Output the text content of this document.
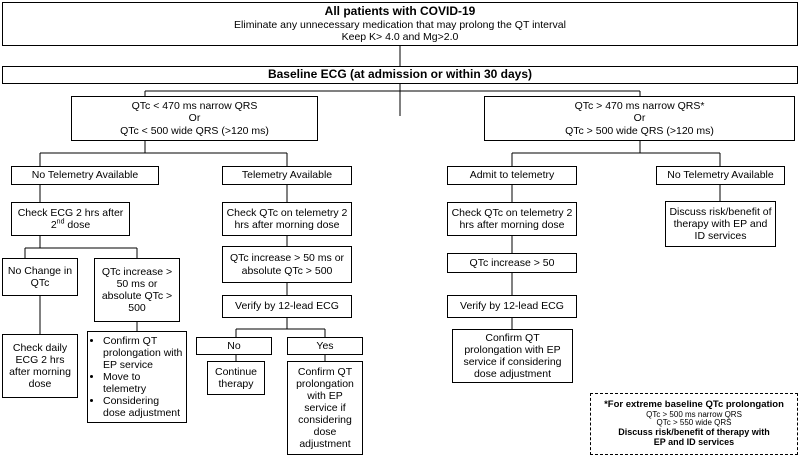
All patients with COVID-19
Eliminate any unnecessary medication that may prolong the QT interval
Keep K> 4.0 and Mg>2.0
Baseline ECG (at admission or within 30 days)
QTc < 470 ms narrow QRS
Or
QTc < 500 wide QRS (>120 ms)
QTc > 470 ms narrow QRS*
Or
QTc > 500 wide QRS (>120 ms)
No Telemetry Available
Check ECG 2 hrs after
2nd dose
No Change in QTc
QTc increase > 50 ms or absolute QTc > 500
Check daily ECG 2 hrs after morning dose
• Confirm QT prolongation with EP service
• Move to telemetry
• Considering dose adjustment
Telemetry Available
Check QTc on telemetry 2 hrs after morning dose
QTc increase > 50 ms or absolute QTc > 500
Verify by 12-lead ECG
No	Yes
Continue therapy
Confirm QT prolongation with EP service if considering dose adjustment
Admit to telemetry
Check QTc on telemetry 2 hrs after morning dose
QTc increase > 50
Verify by 12-lead ECG
Confirm QT prolongation with EP service if considering dose adjustment
No Telemetry Available
Discuss risk/benefit of therapy with EP and ID services
*For extreme baseline QTc prolongation
QTc > 500 ms narrow QRS
QTc > 550 wide QRS
Discuss risk/benefit of therapy with
EP and ID services
